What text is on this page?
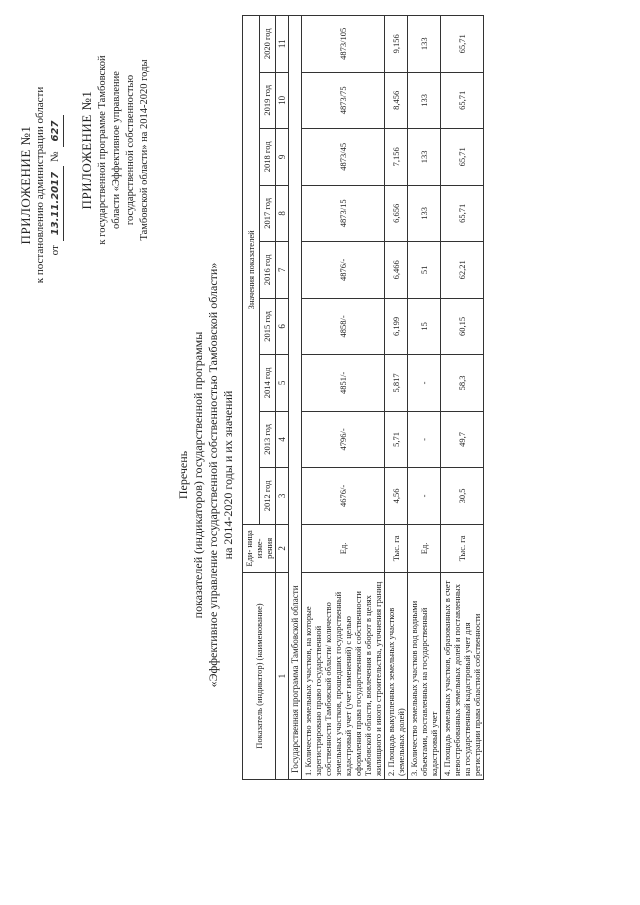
ПРИЛОЖЕНИЕ №1 к постановлению администрации области от
13.11.2017
№
627 ПРИЛОЖЕНИЕ №1 к государственной программе Тамбовской области «Эффективное управление государственной собственностью Тамбовской области» на 2014-2020 годы
Перечень показателей (индикаторов) государственной программы «Эффективное управление государственной собственностью Тамбовской области» на 2014-2020 годы и их значений
Показатель (индикатор) (наименование)	Еди- ница изме- рения	Значения показателей								
		2012 год	2013 год	2014 год	2015 год	2016 год	2017 год	2018 год	2019 год	2020 год
1	2	3	4	5	6	7	8	9	10	11
Государственная программа Тамбовской области										
1. Количество земельных участков, на которые зарегистрировано право государственной собственности Тамбовской области/ количество земельных участков, прошедших государственный кадастровый учет (учет изменений) с целью оформления права государственной собственности Тамбовской области, вовлечения в оборот в целях жилищного и иного строительства, уточнения границ	Ед.	4676/-	4796/-	4851/-	4858/-	4876/-	4873/15	4873/45	4873/75	4873/105
2. Площадь выкупленных земельных участков (земельных долей)	Тыс. га	4,56	5,71	5,817	6,199	6,466	6,656	7,156	8,456	9,156
3. Количество земельных участков под водными объектами, поставленных на государственный кадастровый учет	Ед.	-	-	-	15	51	133	133	133	133
4. Площадь земельных участков, образованных в счет невостребованных земельных долей и поставленных на государственный кадастровый учет для регистрации права областной собственности	Тыс. га	30,5	49,7	58,3	60,15	62,21	65,71	65,71	65,71	65,71
